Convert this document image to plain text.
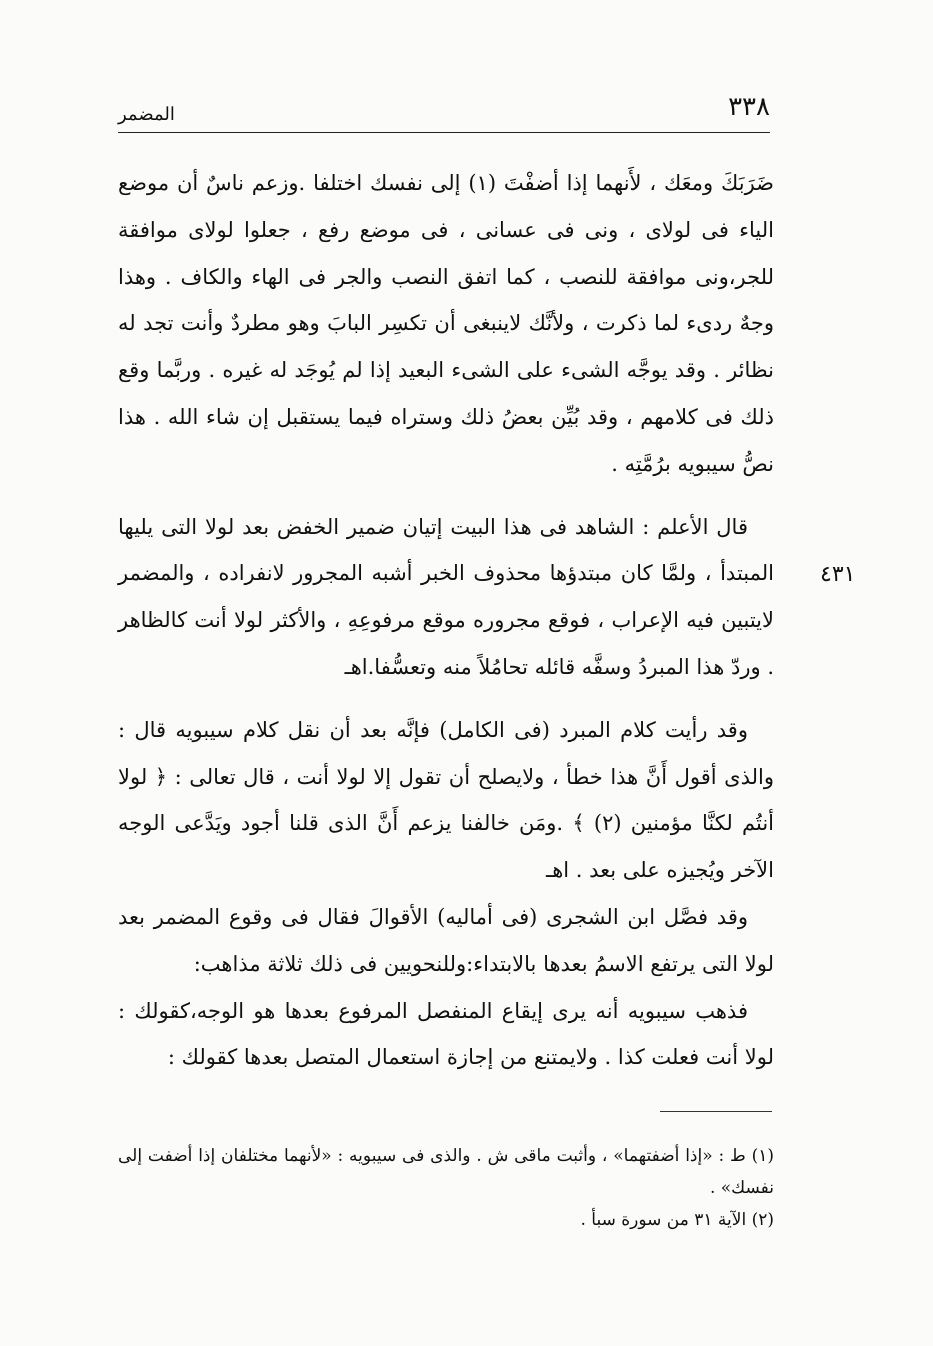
٣٣٨
المضمر
٤٣١

ضَرَبَكَ ومعَك ، لأَنهما إذا أضفْتَ (١) إلى نفسك اختلفا .وزعم ناسٌ أن موضع الياء فى لولاى ، ونى فى عسانى ، فى موضع رفع ، جعلوا لولاى موافقة للجر،ونى موافقة للنصب ، كما اتفق النصب والجر فى الهاء والكاف . وهذا وجهٌ ردىء لما ذكرت ، ولأنَّك لاينبغى أن تكسِر البابَ وهو مطردٌ وأنت تجد له نظائر . وقد يوجَّه الشىء على الشىء البعيد إذا لم يُوجَد له غيره . وربَّما وقع ذلك فى كلامهم ، وقد بُيِّن بعضُ ذلك وستراه فيما يستقبل إن شاء الله . هذا نصُّ سيبويه برُمَّتِه .

قال الأعلم : الشاهد فى هذا البيت إتيان ضمير الخفض بعد لولا التى يليها المبتدأ ، ولمَّا كان مبتدؤها محذوف الخبر أشبه المجرور لانفراده ، والمضمر لايتبين فيه الإعراب ، فوقع مجروره موقع مرفوعِهِ ، والأكثر لولا أنت كالظاهر . وردّ هذا المبردُ وسفَّه قائله تحامُلاً منه وتعسُّفا.اهـ

وقد رأيت كلام المبرد (فى الكامل) فإنَّه بعد أن نقل كلام سيبويه قال : والذى أقول أَنَّ هذا خطأ ، ولايصلح أن تقول إلا لولا أنت ، قال تعالى : ﴿ لولا أنتُم لكنَّا مؤمنين (٢) ﴾ .ومَن خالفنا يزعم أَنَّ الذى قلنا أجود ويَدَّعى الوجه الآخر ويُجيزه على بعد . اهـ

وقد فصَّل ابن الشجرى (فى أماليه) الأقوالَ فقال فى وقوع المضمر بعد لولا التى يرتفع الاسمُ بعدها بالابتداء:وللنحويين فى ذلك ثلاثة مذاهب:

فذهب سيبويه أنه يرى إيقاع المنفصل المرفوع بعدها هو الوجه،كقولك : لولا أنت فعلت كذا . ولايمتنع من إجازة استعمال المتصل بعدها كقولك :

(١) ط : «إذا أضفتهما» ، وأثبت ماقى ش . والذى فى سيبويه : «لأنهما مختلفان إذا أضفت إلى نفسك» .

(٢) الآية ٣١ من سورة سبأ .
